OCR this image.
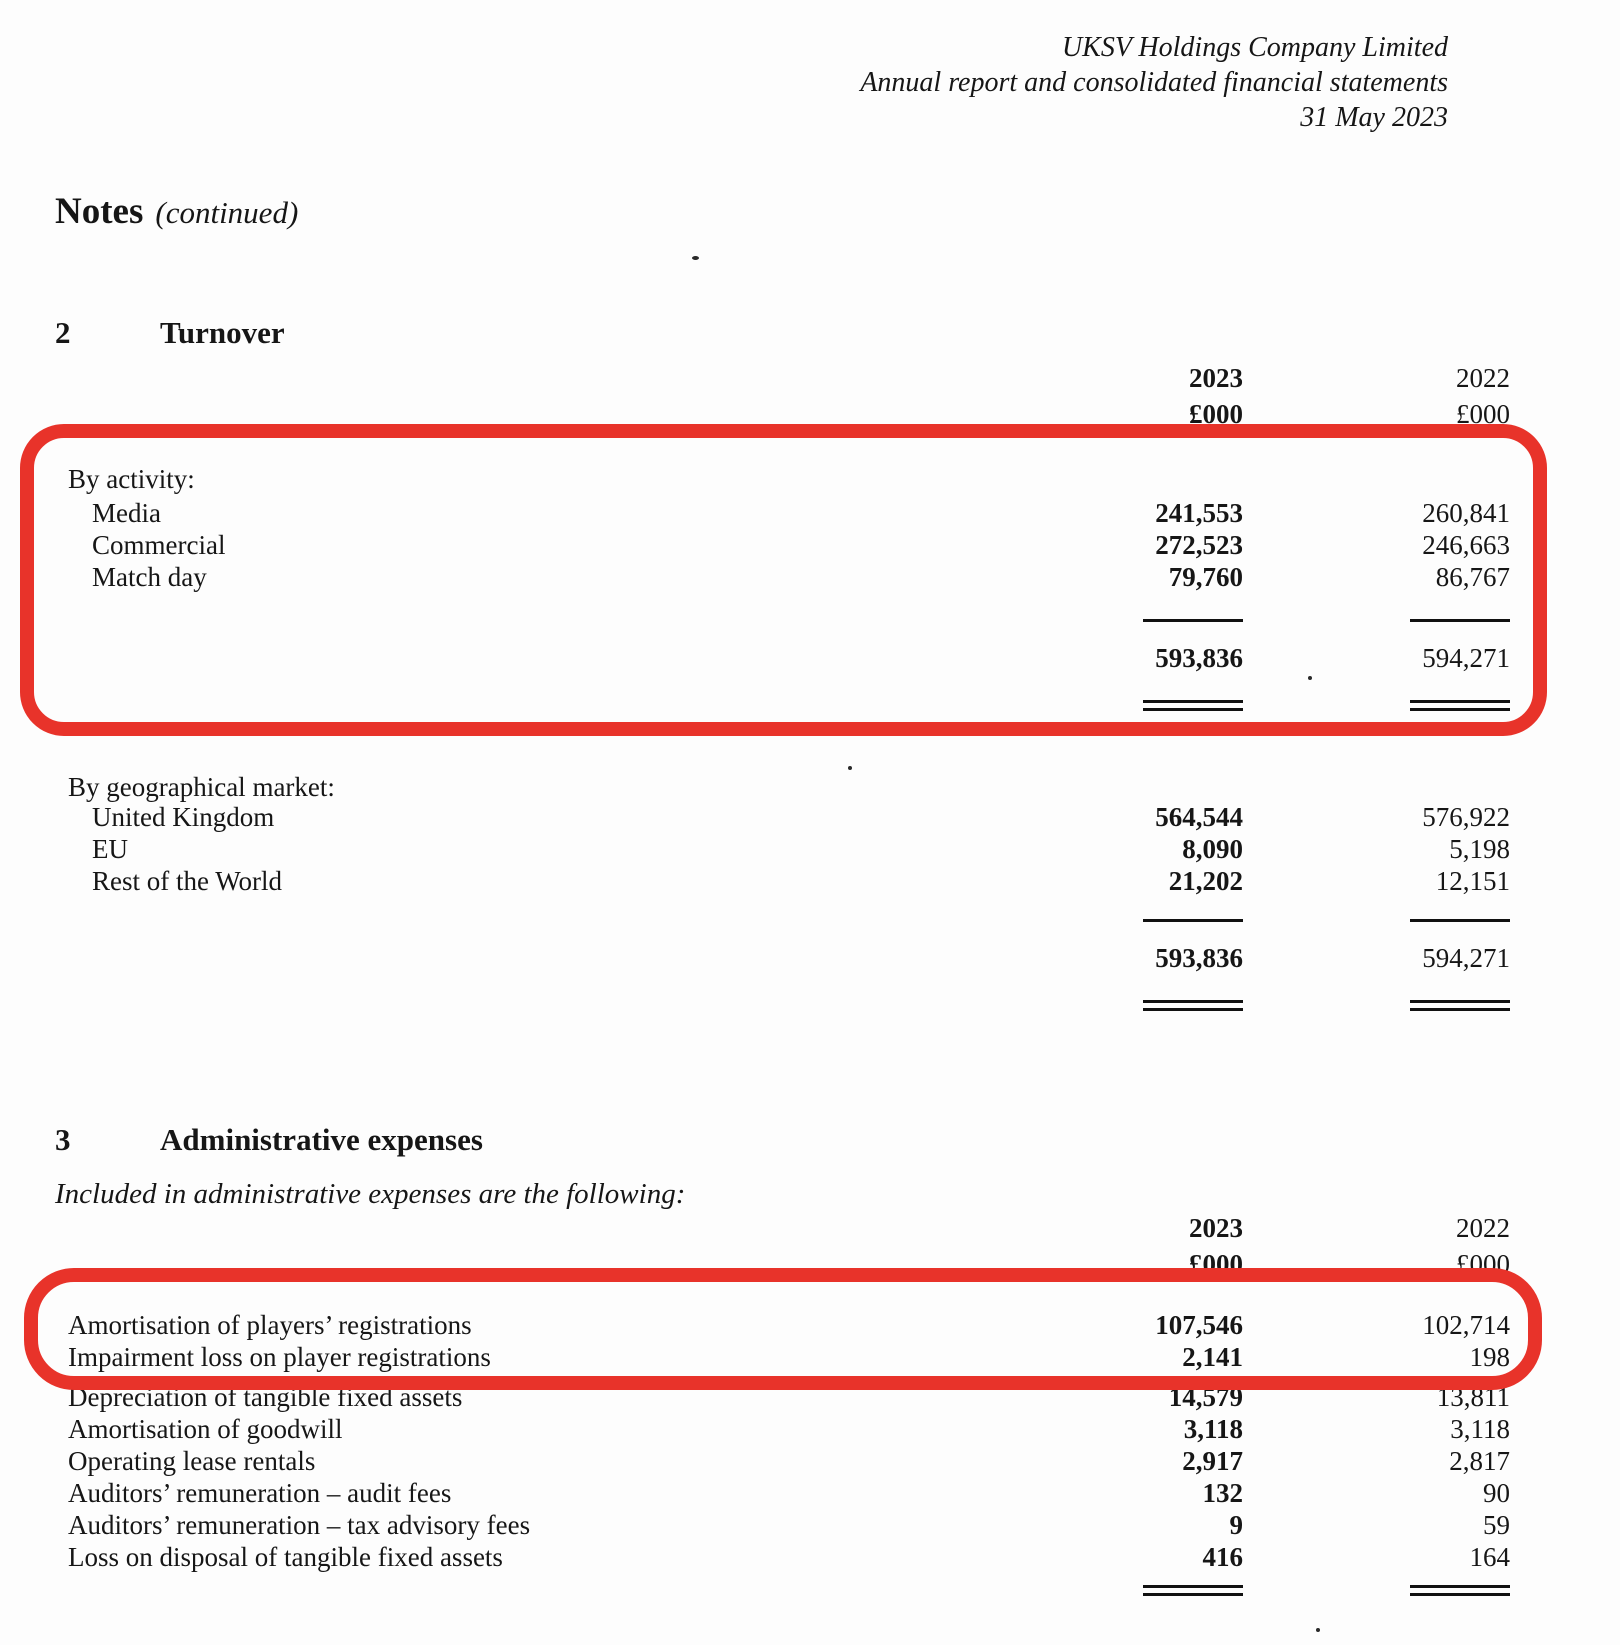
UKSV Holdings Company Limited
Annual report and consolidated financial statements
31 May 2023
Notes (continued)
2	Turnover
2023	2022
£000	£000
By activity:
Media	241,553	260,841
Commercial	272,523	246,663
Match day	79,760	86,767
593,836	594,271
By geographical market:
United Kingdom	564,544	576,922
EU	8,090	5,198
Rest of the World	21,202	12,151
593,836	594,271
3	Administrative expenses
Included in administrative expenses are the following:
2023	2022
£000	£000
Amortisation of players’ registrations	107,546	102,714
Impairment loss on player registrations	2,141	198
Depreciation of tangible fixed assets	14,579	13,811
Amortisation of goodwill	3,118	3,118
Operating lease rentals	2,917	2,817
Auditors’ remuneration – audit fees	132	90
Auditors’ remuneration – tax advisory fees	9	59
Loss on disposal of tangible fixed assets	416	164
